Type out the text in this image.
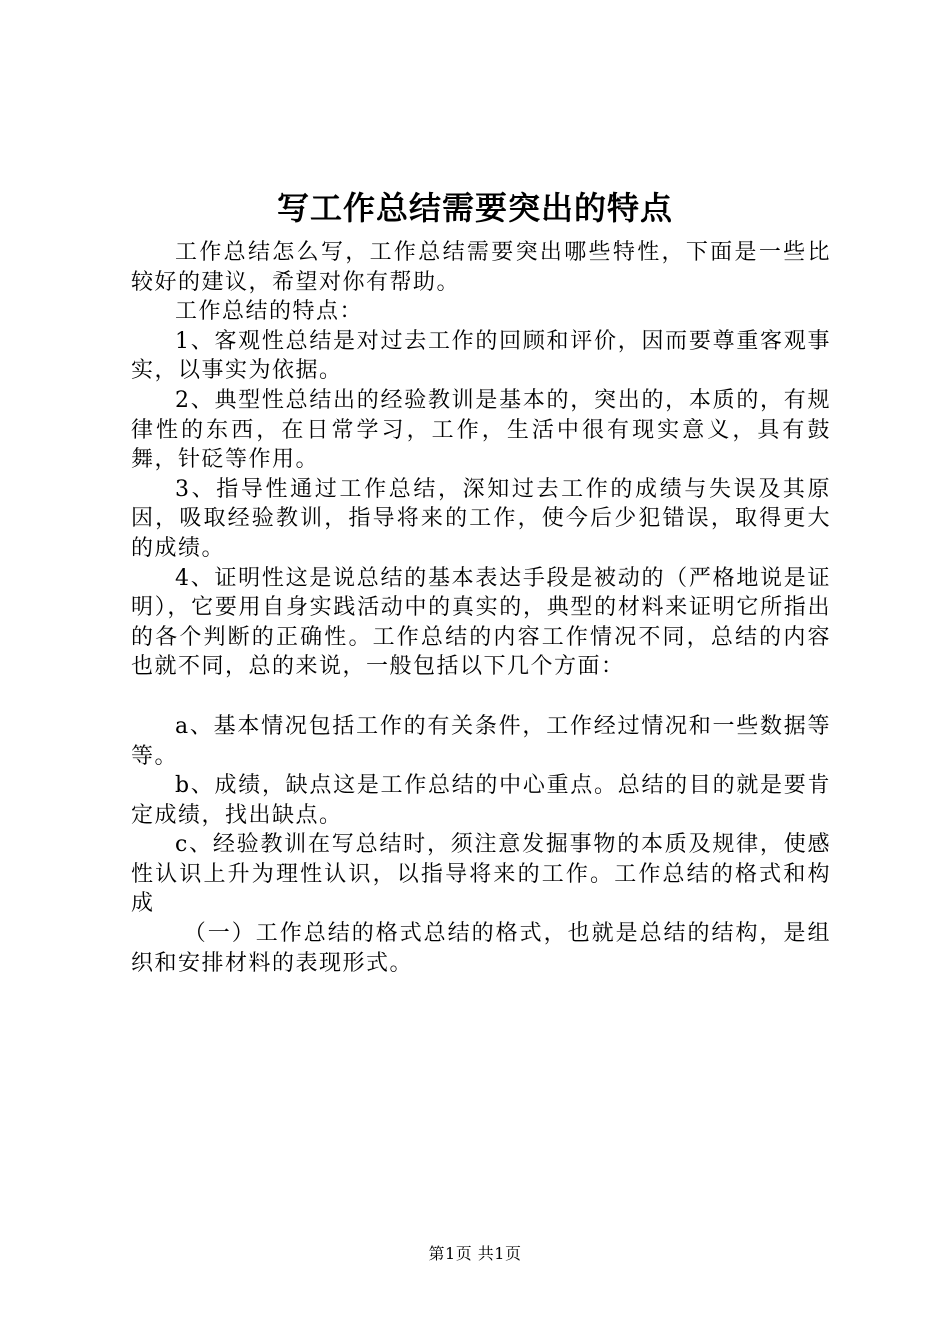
写工作总结需要突出的特点

工作总结怎么写，工作总结需要突出哪些特性，下面是一些比较好的建议，希望对你有帮助。

工作总结的特点：

1、客观性总结是对过去工作的回顾和评价，因而要尊重客观事实，以事实为依据。

2、典型性总结出的经验教训是基本的，突出的，本质的，有规律性的东西，在日常学习，工作，生活中很有现实意义，具有鼓舞，针砭等作用。

3、指导性通过工作总结，深知过去工作的成绩与失误及其原因，吸取经验教训，指导将来的工作，使今后少犯错误，取得更大的成绩。

4、证明性这是说总结的基本表达手段是被动的（严格地说是证明），它要用自身实践活动中的真实的，典型的材料来证明它所指出的各个判断的正确性。工作总结的内容工作情况不同，总结的内容也就不同，总的来说，一般包括以下几个方面：

a、基本情况包括工作的有关条件，工作经过情况和一些数据等等。

b、成绩，缺点这是工作总结的中心重点。总结的目的就是要肯定成绩，找出缺点。

c、经验教训在写总结时，须注意发掘事物的本质及规律，使感性认识上升为理性认识，以指导将来的工作。工作总结的格式和构成

（一）工作总结的格式总结的格式，也就是总结的结构，是组织和安排材料的表现形式。

第1页 共1页
